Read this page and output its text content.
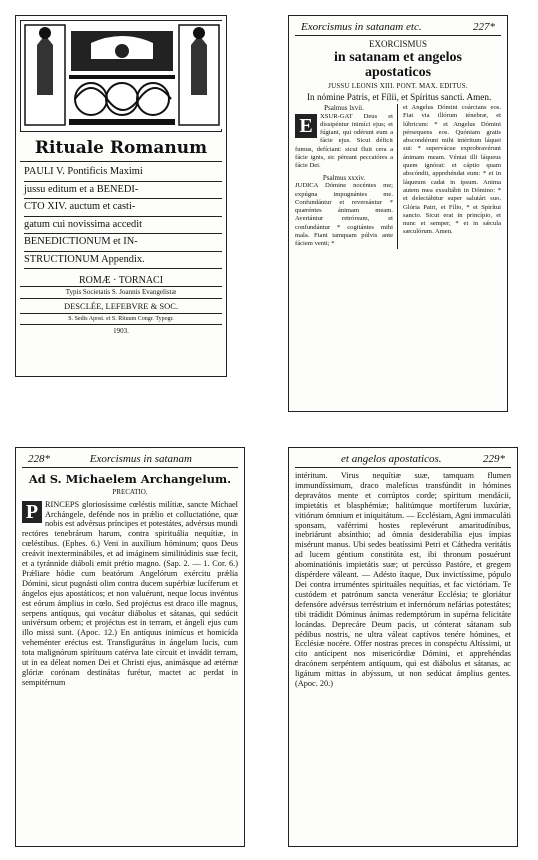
Rituale Romanum
PAULI V. Pontificis Maximi
jussu editum et a BENEDI-
CTO XIV. auctum et casti-
gatum cui novissima accedit
BENEDICTIONUM et IN-
STRUCTIONUM Appendix.
ROMÆ · TORNACI
Typis Societatis S. Joannis Evangelistæ
DESCLÉE, LEFEBVRE & SOC.
S. Sedis Apost. et S. Rituum Congr. Typogr.
1903.
Exorcismus in satanam etc.	227*
EXORCISMUS
in satanam et angelos apostaticos
JUSSU LEONIS XIII. PONT. MAX. EDITUS.
In nómine Patris, et Fílii, et Spíritus sancti. Amen.
Psalmus lxvii.
E	XSUR-GAT Deus et dissipéntur inimíci ejus; et fúgiant, qui odérunt eum a fácie ejus. Sicut déficit fumus, defíciant: sicut fluit cera a fácie ignis, sic péreant peccatóres a fácie Dei.
Psalmus xxxiv.
JUDICA Dómine nocéntes me; expúgna impugnántes me. Confundántur et revereántur * quæréntes ánimam meam. Avertántur retrórsum, et confundántur * cogitántes mihi mala. Fiant tamquam púlvis ante fáciem venti; *
et Angelus Dómini coárctans eos. Fiat via illórum ténebræ, et lúbricum: * et Angelus Dómini pérsequens eos. Quóniam gratis abscondérunt mihi intéritum láquei sui: * supervácue exprobravérunt ánimam meam. Véniat illi láqueus quem ignórat: et cáptio quam abscóndit, apprehéndat eum: * et in láqueum cadat in ipsum. Anima autem mea exsultábit in Dómino: * et delectábitur super salutári suo. Glória Patri, et Fílio, * et Spirítui sancto. Sicut erat in princípio, et nunc et semper, * et in sǽcula sæculórum. Amen.
228*	Exorcismus in satanam
Ad S. Michaelem Archangelum.
PRECATIO.
P RINCEPS gloriosíssime cœléstis milítiæ, sancte Míchael Archángele, defénde nos in prǽlio et colluctatióne, quæ nobis est advérsus príncipes et potestátes, advérsus mundi rectóres tenebrárum harum, contra spirituália nequítiæ, in cœléstibus. (Ephes. 6.) Veni in auxílium hóminum; quos Deus creávit inexterminábiles, et ad imáginem similitúdinis suæ fecit, et a tyránnide diáboli emit prétio magno. (Sap. 2. — 1. Cor. 6.) Prǽliare hódie cum beatórum Angelórum exércitu prǽlia Dómini, sicut pugnásti olim contra ducem supérbiæ lucíferum et ángelos ejus apostáticos; et non valuérunt, neque locus invéntus est eórum ámplius in cœlo. Sed projéctus est draco ille magnus, serpens antíquus, qui vocátur diábolus et sátanas, qui sedúcit univérsum orbem; et projéctus est in terram, et ángeli ejus cum illo missi sunt. (Apoc. 12.) En antíquus inimícus et homicída veheménter eréctus est. Transfigurátus in ángelum lucis, cum tota malignórum spirítuum catérva late círcuit et invádit terram, ut in ea déleat nomen Dei et Christi ejus, animásque ad ætérnæ glóriæ corónam destinátas furétur, mactet ac perdat in sempitérnum
et angelos apostaticos.	229*
intéritum. Virus nequítiæ suæ, tamquam flumen immundíssimum, draco malefícus transfúndit in hómines depravátos mente et corrúptos corde; spíritum mendácii, impietátis et blasphémiæ; halitúmque mortíferum luxúriæ, vitiórum ómnium et iniquitátum. — Ecclésiam, Agni immaculáti sponsam, vaférrimi hostes replevérunt amaritudínibus, inebriárunt absínthio; ad ómnia desiderabília ejus ímpias misérunt manus. Ubi sedes beatíssimi Petri et Cáthedra veritátis ad lucem géntium constitúta est, ibi thronum posuérunt abominatiónis impietátis suæ; ut percússo Pastóre, et gregem dispérdere váleant. — Adésto ítaque, Dux invictíssime, pópulo Dei contra irruméntes spirituáles nequítias, et fac victóriam. Te custódem et patrónum sancta venerátur Ecclésia; te gloriátur defensóre advérsus terréstrium et infernórum nefárias potestátes; tibi trádidit Dóminus ánimas redemptórum in supérna felicitáte locándas. Deprecáre Deum pacis, ut cónterat sátanam sub pédibus nostris, ne ultra váleat captívos tenére hómines, et Ecclésiæ nocére. Offer nostras preces in conspéctu Altíssimi, ut cito antícipent nos misericórdiæ Dómini, et apprehéndas dracónem serpéntem antíquum, qui est diábolus et sátanas, ac ligátum mittas in abýssum, ut non sedúcat ámplius gentes. (Apoc. 20.)
